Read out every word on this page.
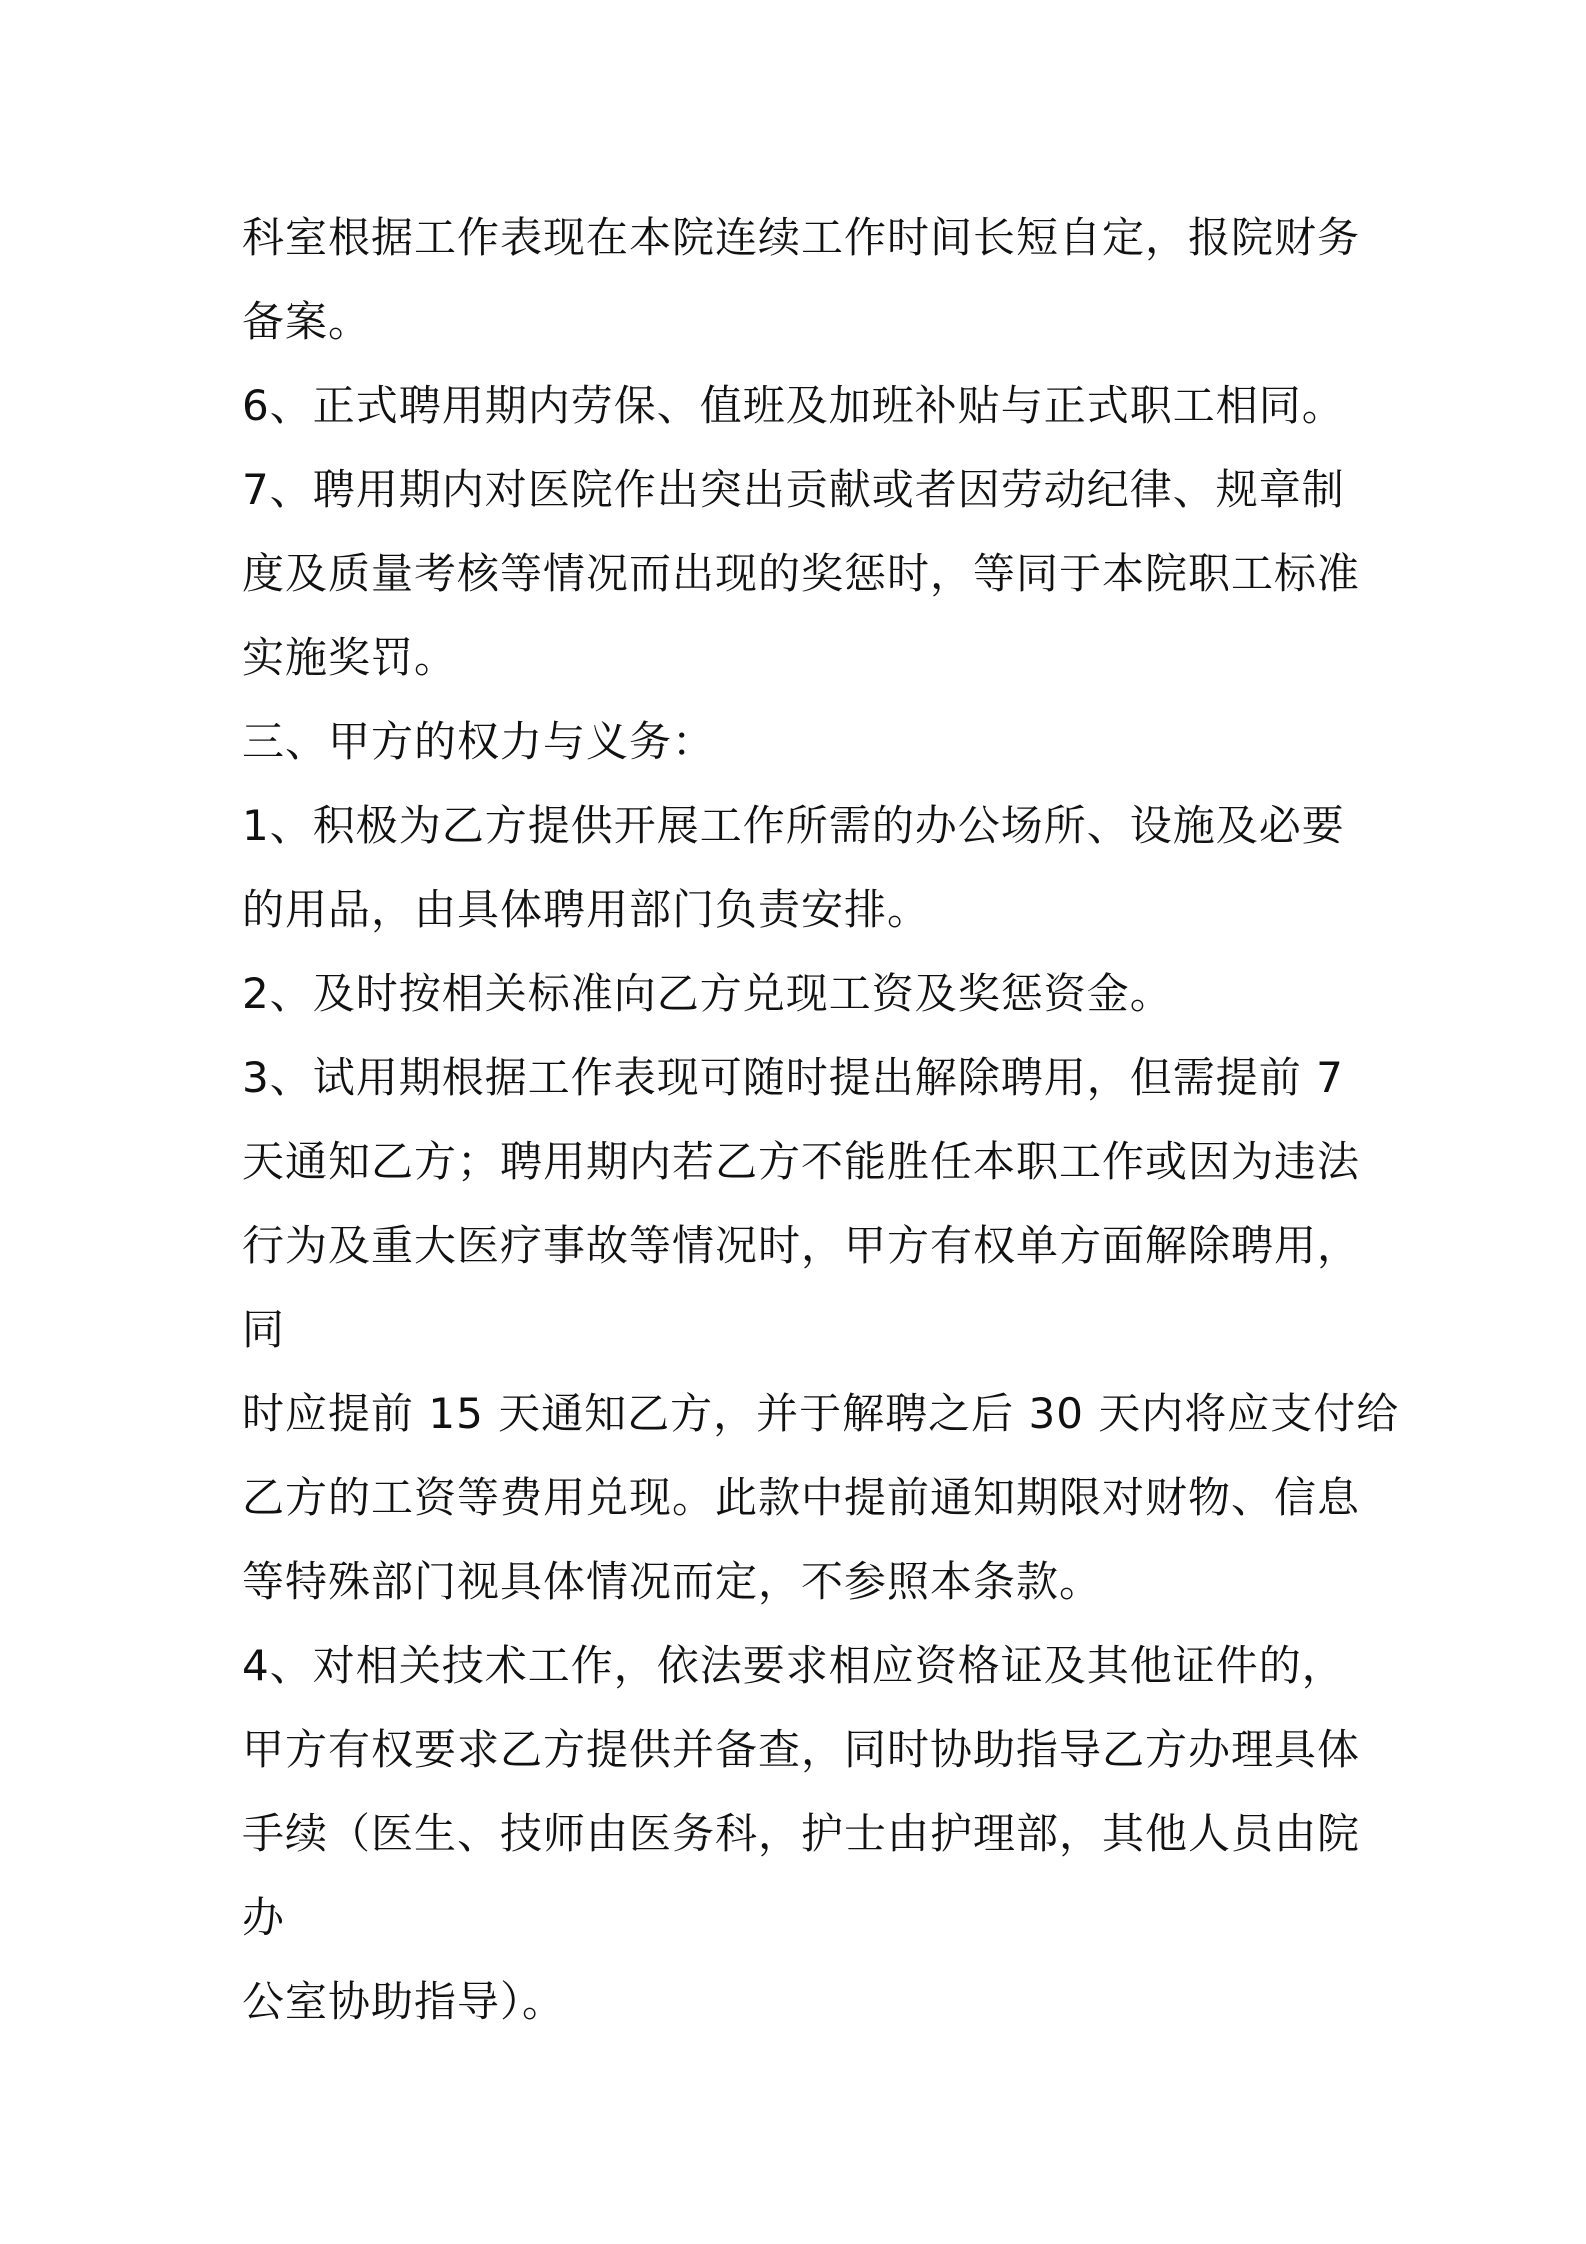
科室根据工作表现在本院连续工作时间长短自定，报院财务
备案。
6、正式聘用期内劳保、值班及加班补贴与正式职工相同。
7、聘用期内对医院作出突出贡献或者因劳动纪律、规章制
度及质量考核等情况而出现的奖惩时，等同于本院职工标准
实施奖罚。
三、甲方的权力与义务：
1、积极为乙方提供开展工作所需的办公场所、设施及必要
的用品，由具体聘用部门负责安排。
2、及时按相关标准向乙方兑现工资及奖惩资金。
3、试用期根据工作表现可随时提出解除聘用，但需提前 7
天通知乙方；聘用期内若乙方不能胜任本职工作或因为违法
行为及重大医疗事故等情况时，甲方有权单方面解除聘用，
同
时应提前 15 天通知乙方，并于解聘之后 30 天内将应支付给
乙方的工资等费用兑现。此款中提前通知期限对财物、信息
等特殊部门视具体情况而定，不参照本条款。
4、对相关技术工作，依法要求相应资格证及其他证件的，
甲方有权要求乙方提供并备查，同时协助指导乙方办理具体
手续（医生、技师由医务科，护士由护理部，其他人员由院
办
公室协助指导）。
